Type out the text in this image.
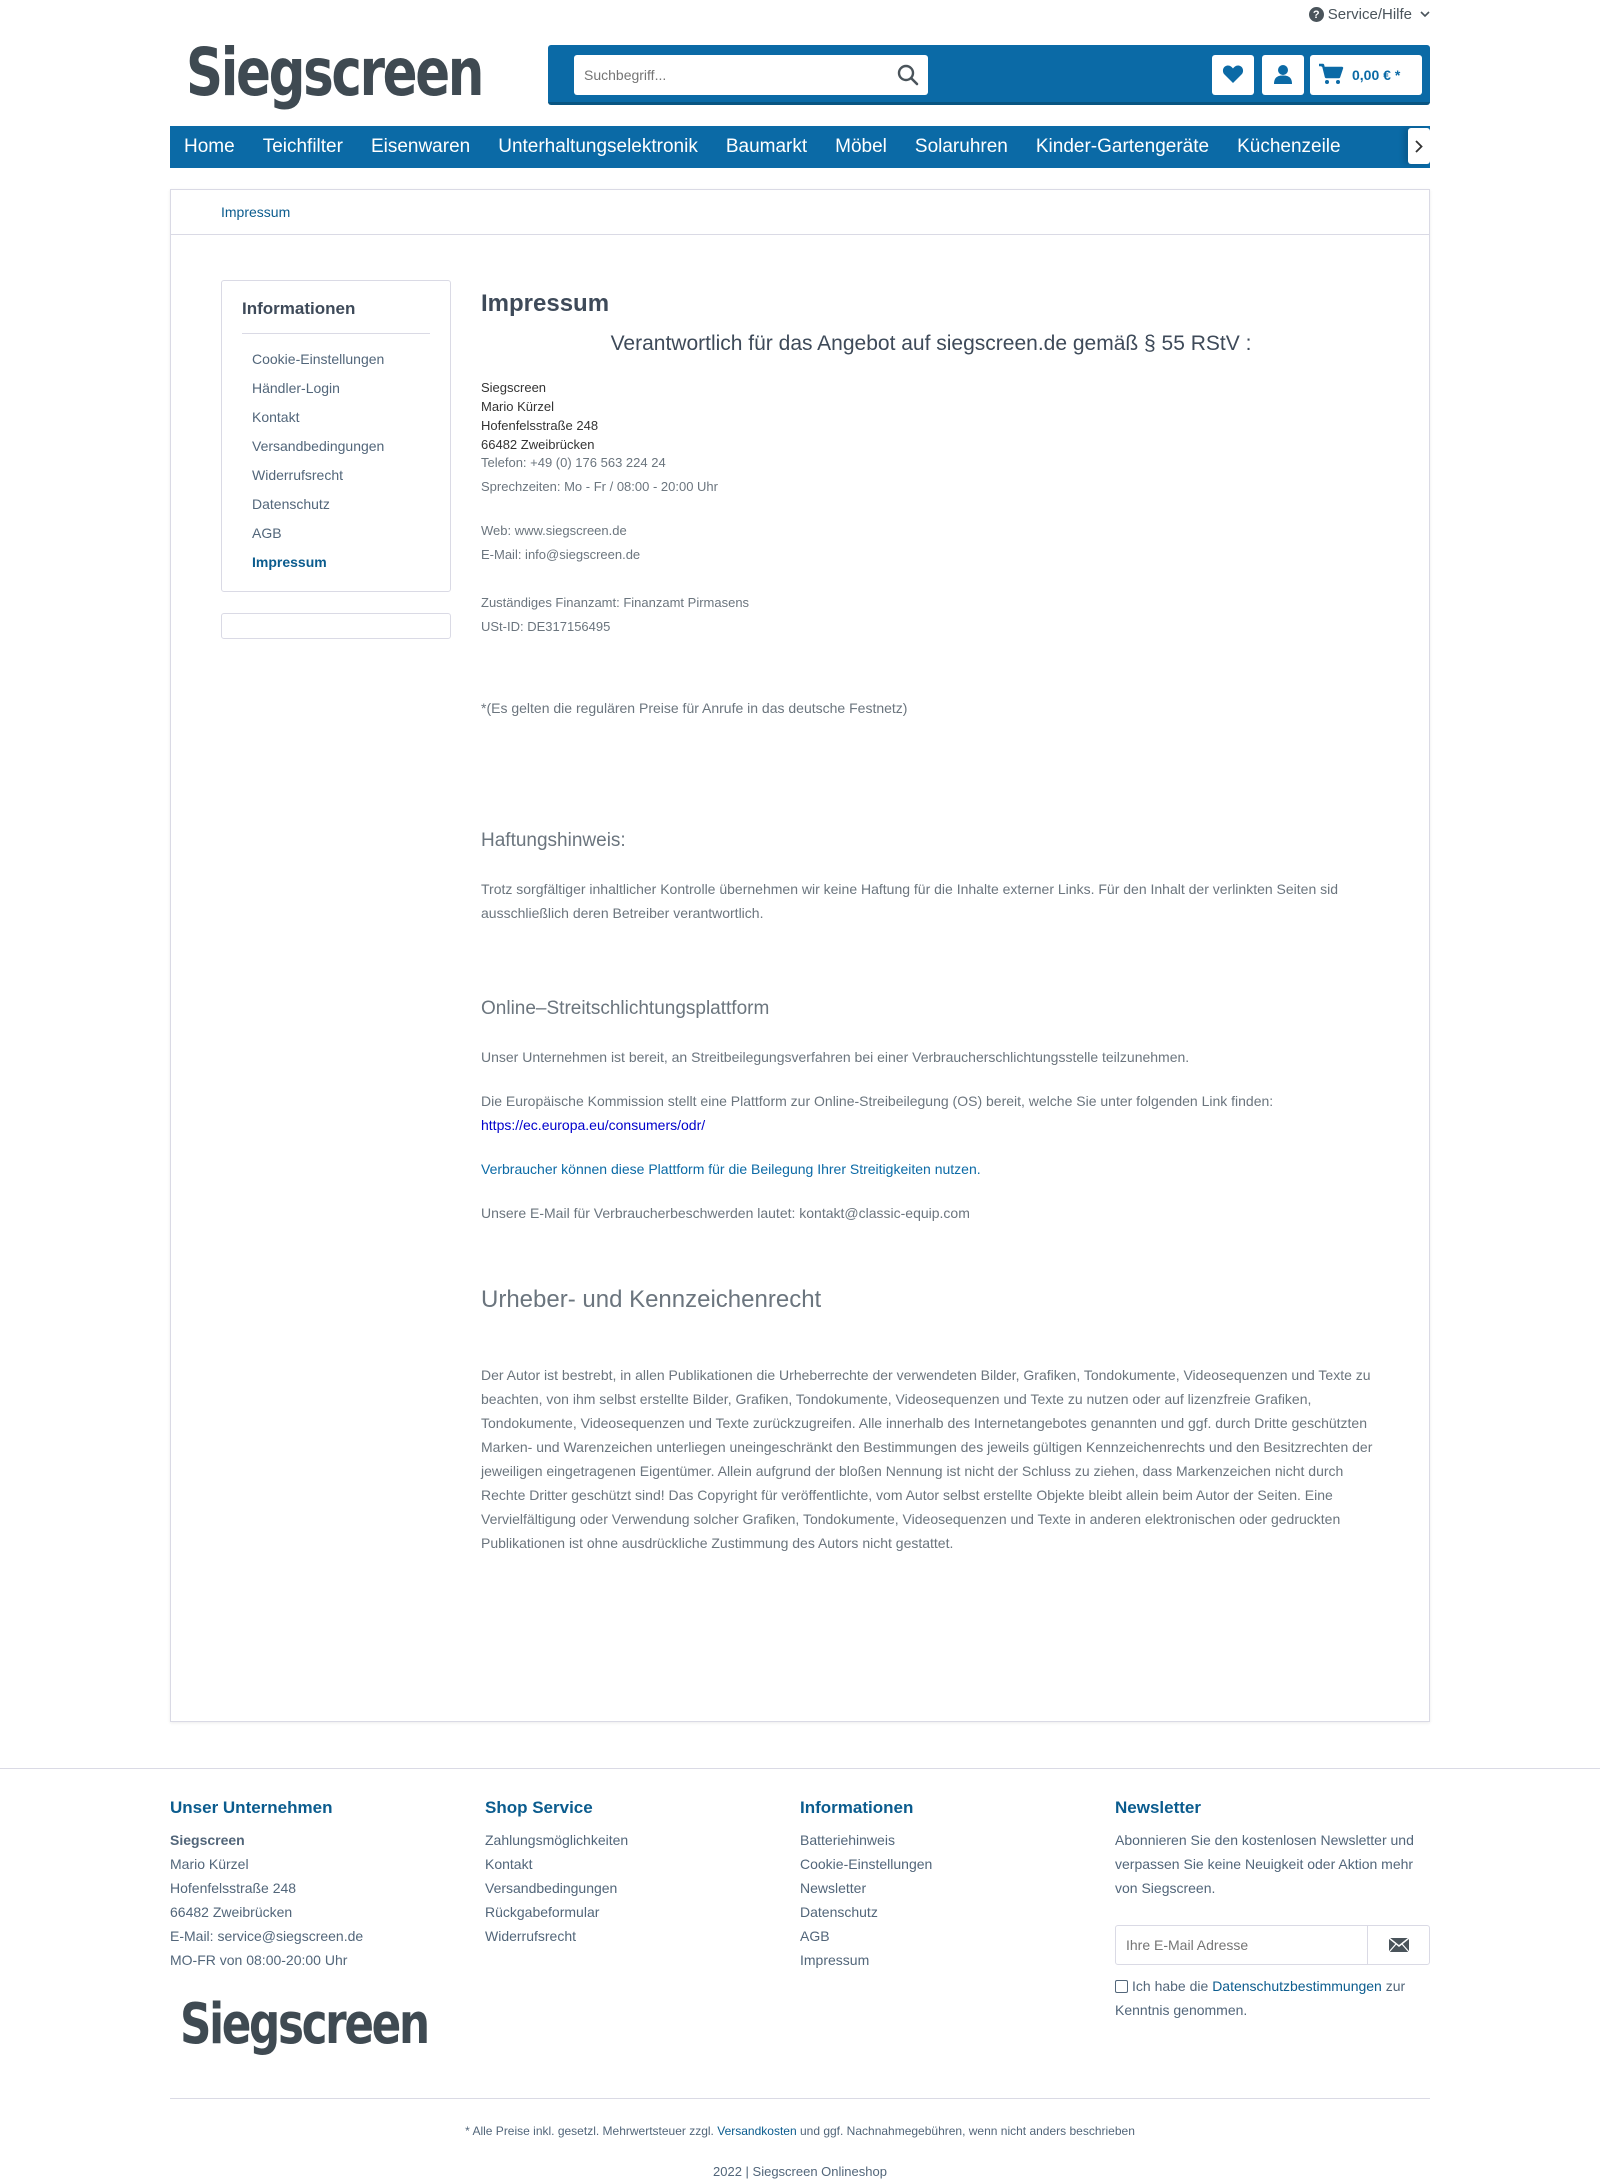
? Service/Hilfe
Siegscreen
Suchbegriff...	0,00 € *
Home	Teichfilter	Eisenwaren	Unterhaltungselektronik	Baumarkt	Möbel	Solaruhren	Kinder-Gartengeräte	Küchenzeile
Impressum
Informationen
Cookie-Einstellungen
Händler-Login
Kontakt
Versandbedingungen
Widerrufsrecht
Datenschutz
AGB
Impressum
Impressum
Verantwortlich für das Angebot auf siegscreen.de gemäß § 55 RStV :
Siegscreen
Mario Kürzel
Hofenfelsstraße 248
66482 Zweibrücken
Telefon: +49 (0) 176 563 224 24
Sprechzeiten: Mo - Fr / 08:00 - 20:00 Uhr
Web: www.siegscreen.de
E-Mail: info@siegscreen.de
Zuständiges Finanzamt: Finanzamt Pirmasens
USt-ID: DE317156495
*(Es gelten die regulären Preise für Anrufe in das deutsche Festnetz)
Haftungshinweis:
Trotz sorgfältiger inhaltlicher Kontrolle übernehmen wir keine Haftung für die Inhalte externer Links. Für den Inhalt der verlinkten Seiten sid ausschließlich deren Betreiber verantwortlich.
Online–Streitschlichtungsplattform
Unser Unternehmen ist bereit, an Streitbeilegungsverfahren bei einer Verbraucherschlichtungsstelle teilzunehmen.
Die Europäische Kommission stellt eine Plattform zur Online-Streibeilegung (OS) bereit, welche Sie unter folgenden Link finden: https://ec.europa.eu/consumers/odr/
Verbraucher können diese Plattform für die Beilegung Ihrer Streitigkeiten nutzen.
Unsere E-Mail für Verbraucherbeschwerden lautet: kontakt@classic-equip.com
Urheber- und Kennzeichenrecht
Der Autor ist bestrebt, in allen Publikationen die Urheberrechte der verwendeten Bilder, Grafiken, Tondokumente, Videosequenzen und Texte zu beachten, von ihm selbst erstellte Bilder, Grafiken, Tondokumente, Videosequenzen und Texte zu nutzen oder auf lizenzfreie Grafiken, Tondokumente, Videosequenzen und Texte zurückzugreifen. Alle innerhalb des Internetangebotes genannten und ggf. durch Dritte geschützten Marken- und Warenzeichen unterliegen uneingeschränkt den Bestimmungen des jeweils gültigen Kennzeichenrechts und den Besitzrechten der jeweiligen eingetragenen Eigentümer. Allein aufgrund der bloßen Nennung ist nicht der Schluss zu ziehen, dass Markenzeichen nicht durch Rechte Dritter geschützt sind! Das Copyright für veröffentlichte, vom Autor selbst erstellte Objekte bleibt allein beim Autor der Seiten. Eine Vervielfältigung oder Verwendung solcher Grafiken, Tondokumente, Videosequenzen und Texte in anderen elektronischen oder gedruckten Publikationen ist ohne ausdrückliche Zustimmung des Autors nicht gestattet.
Unser Unternehmen
Siegscreen
Mario Kürzel
Hofenfelsstraße 248
66482 Zweibrücken
E-Mail: service@siegscreen.de
MO-FR von 08:00-20:00 Uhr
Shop Service
Zahlungsmöglichkeiten
Kontakt
Versandbedingungen
Rückgabeformular
Widerrufsrecht
Informationen
Batteriehinweis
Cookie-Einstellungen
Newsletter
Datenschutz
AGB
Impressum
Newsletter
Abonnieren Sie den kostenlosen Newsletter und verpassen Sie keine Neuigkeit oder Aktion mehr von Siegscreen.
Ihre E-Mail Adresse
Ich habe die Datenschutzbestimmungen zur Kenntnis genommen.
Siegscreen
* Alle Preise inkl. gesetzl. Mehrwertsteuer zzgl. Versandkosten und ggf. Nachnahmegebühren, wenn nicht anders beschrieben
2022 | Siegscreen Onlineshop
